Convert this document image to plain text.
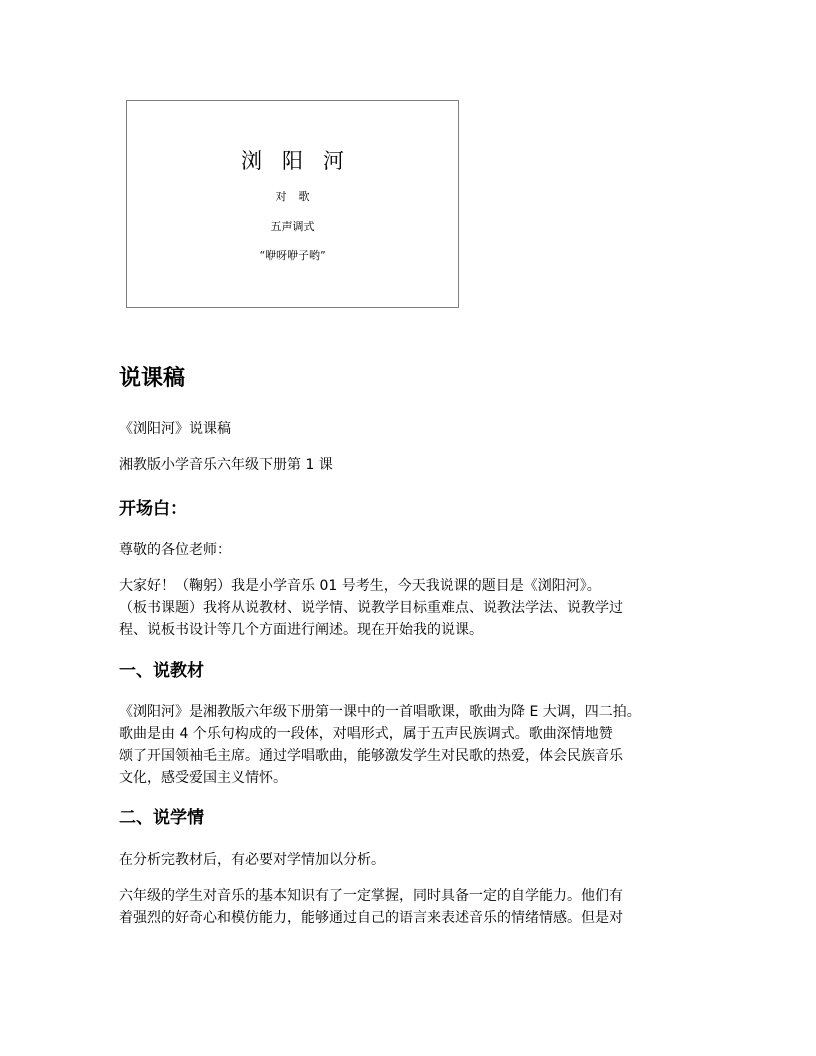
浏阳河
对歌
五声调式
“咿呀咿子哟”
说课稿
《浏阳河》说课稿
湘教版小学音乐六年级下册第 1 课
开场白：
尊敬的各位老师：
大家好！（鞠躬）我是小学音乐 01 号考生，今天我说课的题目是《浏阳河》。
（板书课题）我将从说教材、说学情、说教学目标重难点、说教法学法、说教学过
程、说板书设计等几个方面进行阐述。现在开始我的说课。
一、说教材
《浏阳河》是湘教版六年级下册第一课中的一首唱歌课，歌曲为降 E 大调，四二拍。
歌曲是由 4 个乐句构成的一段体，对唱形式，属于五声民族调式。歌曲深情地赞
颂了开国领袖毛主席。通过学唱歌曲，能够激发学生对民歌的热爱，体会民族音乐
文化，感受爱国主义情怀。
二、说学情
在分析完教材后，有必要对学情加以分析。
六年级的学生对音乐的基本知识有了一定掌握，同时具备一定的自学能力。他们有
着强烈的好奇心和模仿能力，能够通过自己的语言来表述音乐的情绪情感。但是对
